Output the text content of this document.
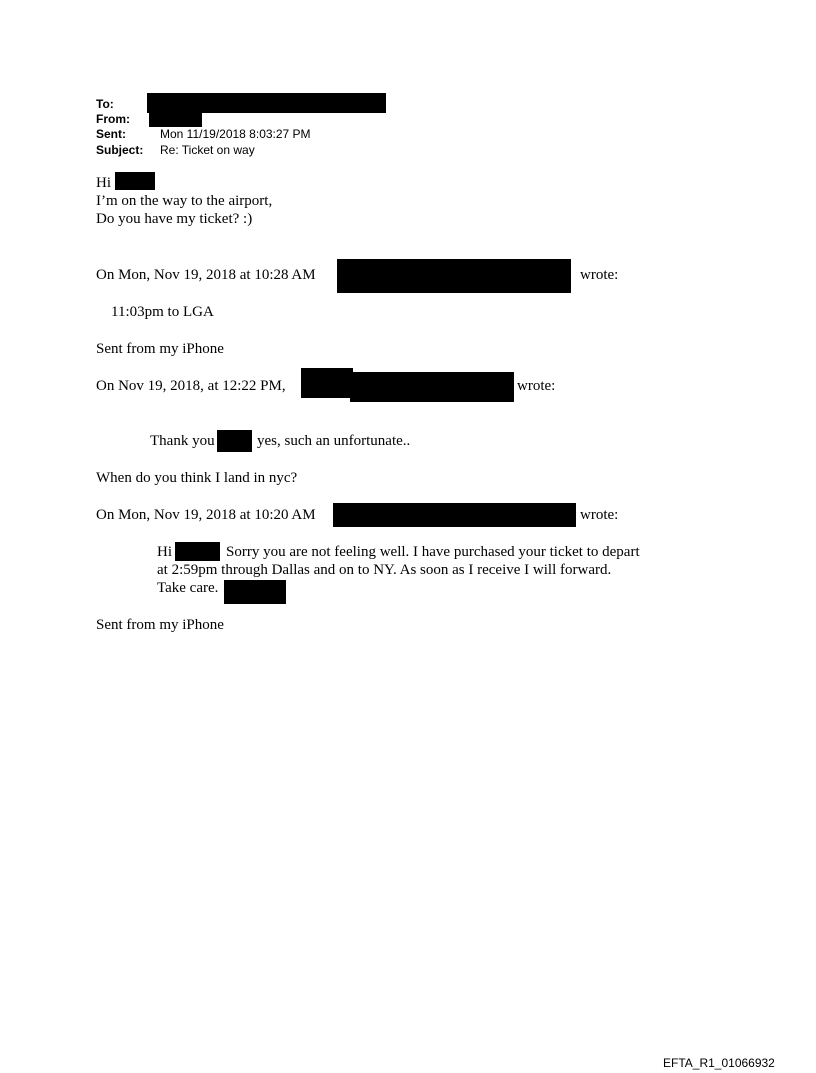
To:
From:
Sent:	Mon 11/19/2018 8:03:27 PM
Subject: Re: Ticket on way
Hi
I’m on the way to the airport,
Do you have my ticket? :)
On Mon, Nov 19, 2018 at 10:28 AM	wrote:
11:03pm to LGA
Sent from my iPhone
On Nov 19, 2018, at 12:22 PM,	wrote:
Thank you	yes, such an unfortunate..
When do you think I land in nyc?
On Mon, Nov 19, 2018 at 10:20 AM	wrote:
Hi	Sorry you are not feeling well. I have purchased your ticket to depart
at 2:59pm through Dallas and on to NY. As soon as I receive I will forward.
Take care.
Sent from my iPhone
EFTA_R1_01066932
